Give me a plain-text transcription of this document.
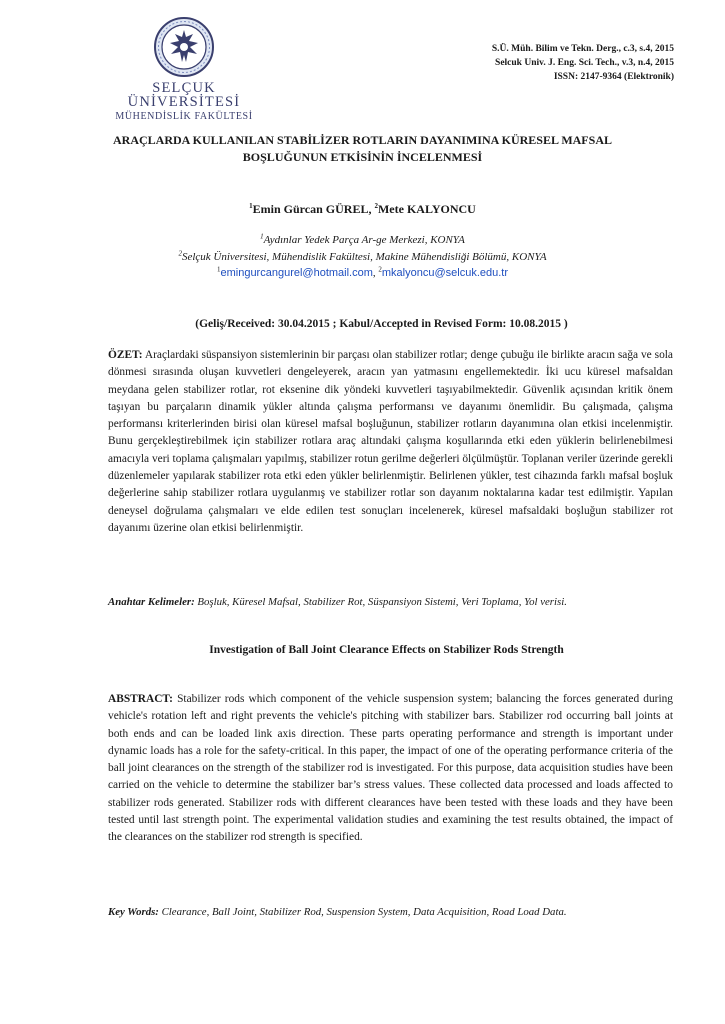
SELÇUK
ÜNİVERSİTESİ
MÜHENDİSLİK FAKÜLTESİ
S.Ü. Müh. Bilim ve Tekn. Derg., c.3, s.4, 2015
Selcuk Univ. J. Eng. Sci. Tech., v.3, n.4, 2015
ISSN: 2147-9364 (Elektronik)
ARAÇLARDA KULLANILAN STABİLİZER ROTLARIN DAYANIMINA KÜRESEL MAFSAL
BOŞLUĞUNUN ETKİSİNİN İNCELENMESİ
$^1$Emin Gürcan GÜREL, $^2$Mete KALYONCU
$^1$Aydınlar Yedek Parça Ar-ge Merkezi, KONYA
$^2$Selçuk Üniversitesi, Mühendislik Fakültesi, Makine Mühendisliği Bölümü, KONYA
$^1$emingurcangurel@hotmail.com, $^2$mkalyoncu@selcuk.edu.tr
(Geliş/Received: 30.04.2015 ; Kabul/Accepted in Revised Form: 10.08.2015 )
ÖZET: Araçlardaki süspansiyon sistemlerinin bir parçası olan stabilizer rotlar; denge çubuğu ile birlikte aracın sağa ve sola dönmesi sırasında oluşan kuvvetleri dengeleyerek, aracın yan yatmasını engellemektedir. İki ucu küresel mafsaldan meydana gelen stabilizer rotlar, rot eksenine dik yöndeki kuvvetleri taşıyabilmektedir. Güvenlik açısından kritik önem taşıyan bu parçaların dinamik yükler altında çalışma performansı ve dayanımı önemlidir. Bu çalışmada, çalışma performansı kriterlerinden birisi olan küresel mafsal boşluğunun, stabilizer rotların dayanımına olan etkisi incelenmiştir. Bunu gerçekleştirebilmek için stabilizer rotlara araç altındaki çalışma koşullarında etki eden yüklerin belirlenebilmesi amacıyla veri toplama çalışmaları yapılmış, stabilizer rotun gerilme değerleri ölçülmüştür. Toplanan veriler üzerinde gerekli düzenlemeler yapılarak stabilizer rota etki eden yükler belirlenmiştir. Belirlenen yükler, test cihazında farklı mafsal boşluk değerlerine sahip stabilizer rotlara uygulanmış ve stabilizer rotlar son dayanım noktalarına kadar test edilmiştir. Yapılan deneysel doğrulama çalışmaları ve elde edilen test sonuçları incelenerek, küresel mafsaldaki boşluğun stabilizer rot dayanımı üzerine olan etkisi belirlenmiştir.
Anahtar Kelimeler: Boşluk, Küresel Mafsal, Stabilizer Rot, Süspansiyon Sistemi, Veri Toplama, Yol verisi.
Investigation of Ball Joint Clearance Effects on Stabilizer Rods Strength
ABSTRACT: Stabilizer rods which component of the vehicle suspension system; balancing the forces generated during vehicle's rotation left and right prevents the vehicle's pitching with stabilizer bars. Stabilizer rod occurring ball joints at both ends and can be loaded link axis direction. These parts operating performance and strength is important under dynamic loads has a role for the safety-critical. In this paper, the impact of one of the operating performance criteria of the ball joint clearances on the strength of the stabilizer rod is investigated. For this purpose, data acquisition studies have been carried on the vehicle to determine the stabilizer bar’s stress values. These collected data processed and loads affected to stabilizer rods generated. Stabilizer rods with different clearances have been tested with these loads and they have been tested until last strength point. The experimental validation studies and examining the test results obtained, the impact of the clearances on the stabilizer rod strength is specified.
Key Words: Clearance, Ball Joint, Stabilizer Rod, Suspension System, Data Acquisition, Road Load Data.
